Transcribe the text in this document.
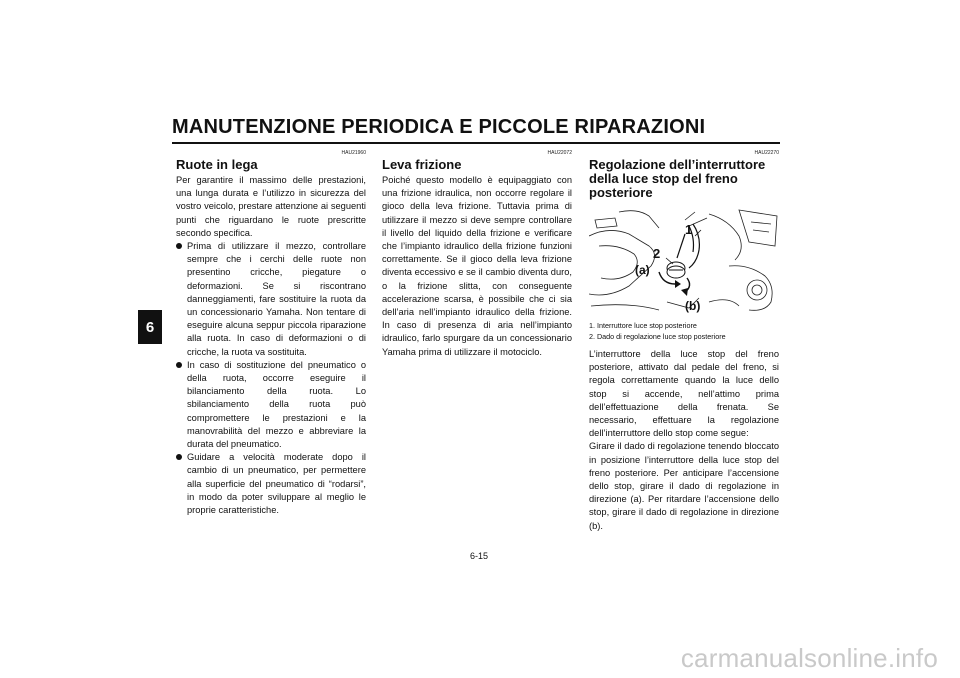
MANUTENZIONE PERIODICA E PICCOLE RIPARAZIONI
6
HAU21960
Ruote in lega

Per garantire il massimo delle prestazioni, una lunga durata e l’utilizzo in sicurezza del vostro veicolo, prestare attenzione ai seguenti punti che riguardano le ruote prescritte secondo specifica.

Prima di utilizzare il mezzo, controllare sempre che i cerchi delle ruote non presentino cricche, piegature o deformazioni. Se si riscontrano danneggiamenti, fare sostituire la ruota da un concessionario Yamaha. Non tentare di eseguire alcuna seppur piccola riparazione alla ruota. In caso di deformazioni o di cricche, la ruota va sostituita.

In caso di sostituzione del pneumatico o della ruota, occorre eseguire il bilanciamento della ruota. Lo sbilanciamento della ruota può compromettere le prestazioni e la manovrabilità del mezzo e abbreviare la durata del pneumatico.

Guidare a velocità moderate dopo il cambio di un pneumatico, per permettere alla superficie del pneumatico di “rodarsi”, in modo da poter sviluppare al meglio le proprie caratteristiche.

HAU22072
Leva frizione

Poiché questo modello è equipaggiato con una frizione idraulica, non occorre regolare il gioco della leva frizione. Tuttavia prima di utilizzare il mezzo si deve sempre controllare il livello del liquido della frizione e verificare che l’impianto idraulico della frizione funzioni correttamente. Se il gioco della leva frizione diventa eccessivo e se il cambio diventa duro, o la frizione slitta, con conseguente accelerazione scarsa, è possibile che ci sia dell’aria nell’impianto idraulico della frizione. In caso di presenza di aria nell’impianto idraulico, farlo spurgare da un concessionario Yamaha prima di utilizzare il motociclo.

HAU22270
Regolazione dell’interruttore della luce stop del freno posteriore
1
2
(a)
(b)
1. Interruttore luce stop posteriore
2. Dado di regolazione luce stop posteriore

L’interruttore della luce stop del freno posteriore, attivato dal pedale del freno, si regola correttamente quando la luce dello stop si accende, nell’attimo prima dell’effettuazione della frenata. Se necessario, effettuare la regolazione dell’interruttore dello stop come segue:

Girare il dado di regolazione tenendo bloccato in posizione l’interruttore della luce stop del freno posteriore. Per anticipare l’accensione dello stop, girare il dado di regolazione in direzione (a). Per ritardare l’accensione dello stop, girare il dado di regolazione in direzione (b).

6-15
carmanualsonline.info
